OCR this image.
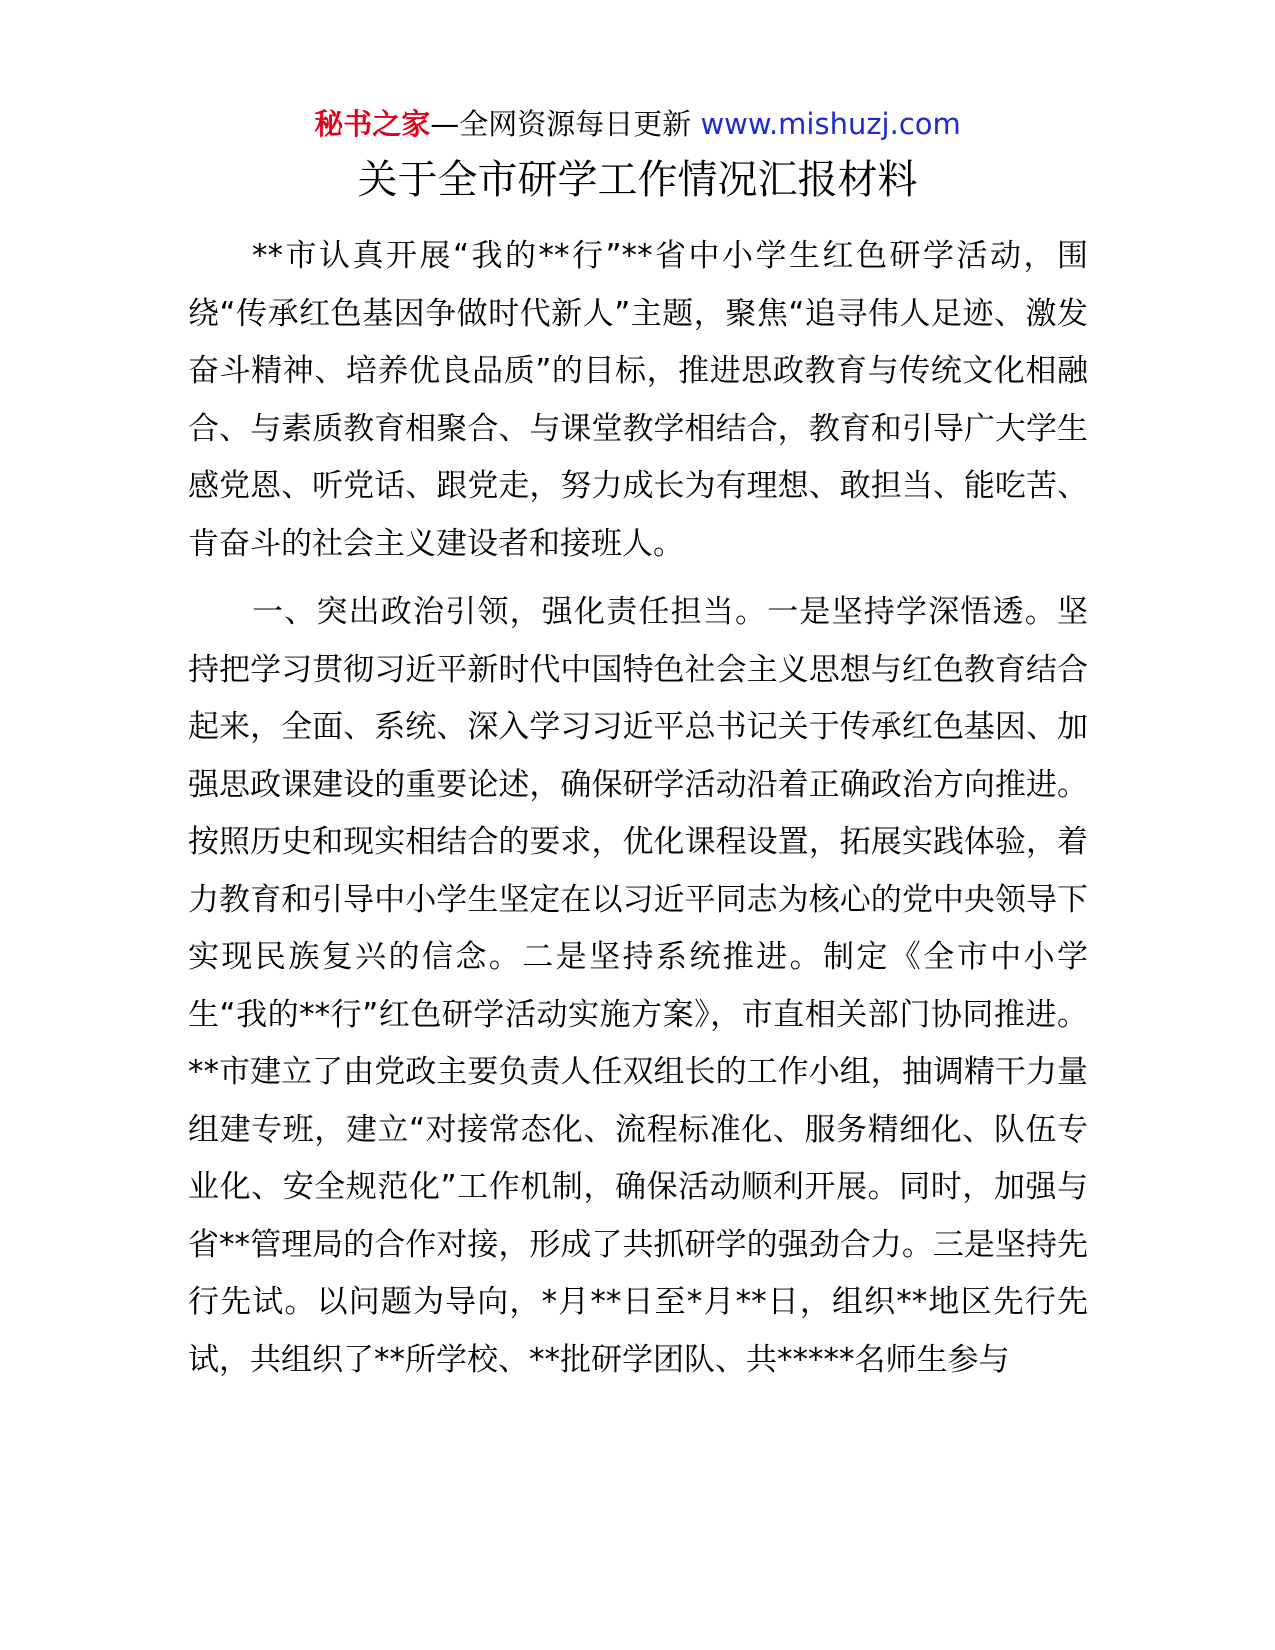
秘书之家—全网资源每日更新 www.mishuzj.com
关于全市研学工作情况汇报材料

**市认真开展“我的**行”**省中小学生红色研学活动，围绕“传承红色基因争做时代新人”主题，聚焦“追寻伟人足迹、激发奋斗精神、培养优良品质”的目标，推进思政教育与传统文化相融合、与素质教育相聚合、与课堂教学相结合，教育和引导广大学生感党恩、听党话、跟党走，努力成长为有理想、敢担当、能吃苦、肯奋斗的社会主义建设者和接班人。

一、突出政治引领，强化责任担当。一是坚持学深悟透。坚持把学习贯彻习近平新时代中国特色社会主义思想与红色教育结合起来，全面、系统、深入学习习近平总书记关于传承红色基因、加强思政课建设的重要论述，确保研学活动沿着正确政治方向推进。按照历史和现实相结合的要求，优化课程设置，拓展实践体验，着力教育和引导中小学生坚定在以习近平同志为核心的党中央领导下实现民族复兴的信念。二是坚持系统推进。制定《全市中小学生“我的**行”红色研学活动实施方案》，市直相关部门协同推进。**市建立了由党政主要负责人任双组长的工作小组，抽调精干力量组建专班，建立“对接常态化、流程标准化、服务精细化、队伍专业化、安全规范化”工作机制，确保活动顺利开展。同时，加强与省**管理局的合作对接，形成了共抓研学的强劲合力。三是坚持先行先试。以问题为导向，*月**日至*月**日，组织**地区先行先试，共组织了**所学校、**批研学团队、共*****名师生参与
